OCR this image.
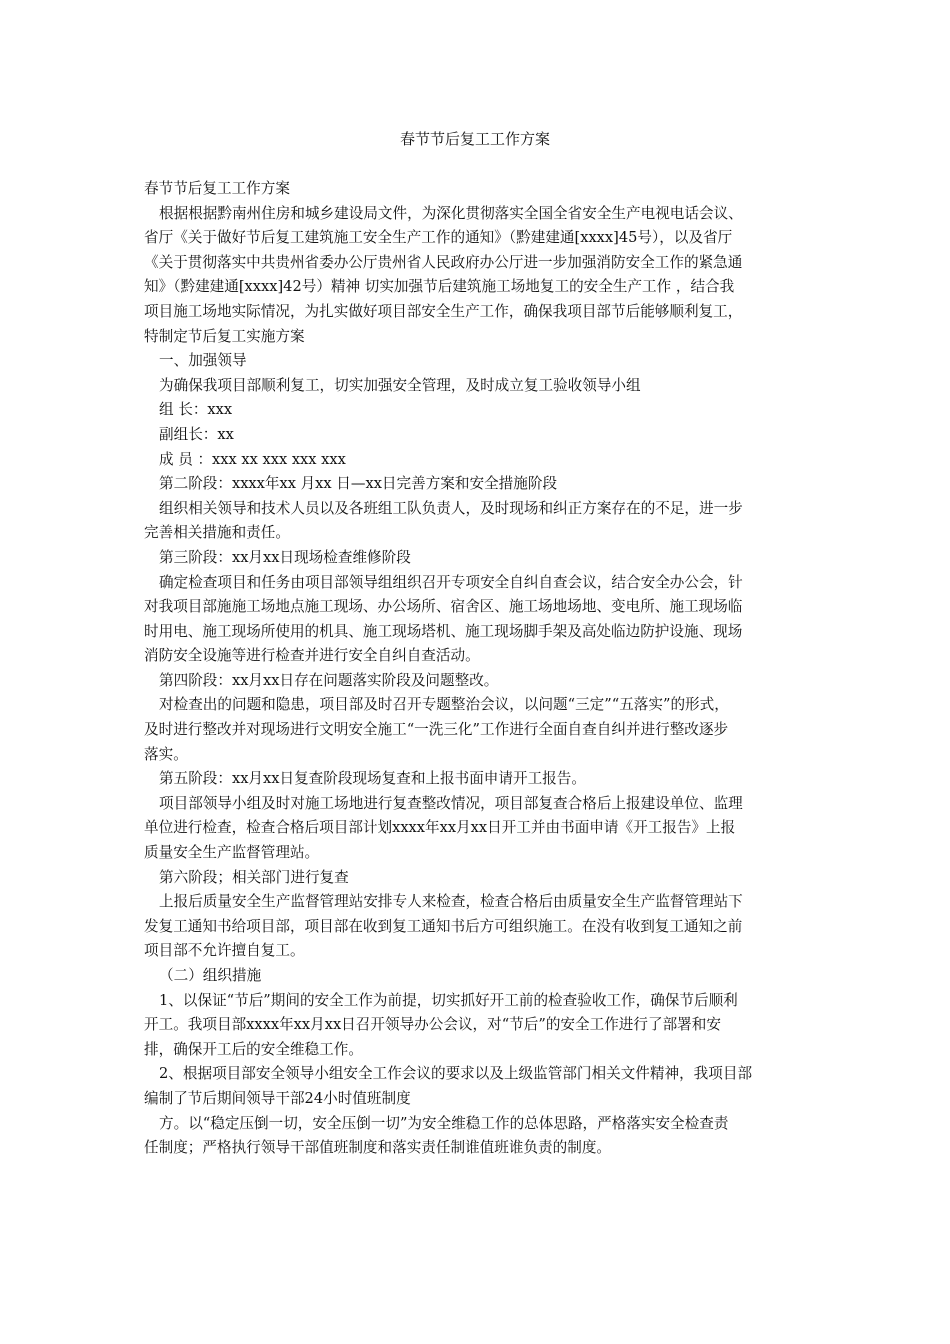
春节节后复工工作方案

春节节后复工工作方案

根据根据黔南州住房和城乡建设局文件，为深化贯彻落实全国全省安全生产电视电话会议、

省厅《关于做好节后复工建筑施工安全生产工作的通知》（黔建建通[xxxx]45号），以及省厅

《关于贯彻落实中共贵州省委办公厅贵州省人民政府办公厅进一步加强消防安全工作的紧急通

知》（黔建建通[xxxx]42号）精神 切实加强节后建筑施工场地复工的安全生产工作 ，结合我

项目施工场地实际情况，为扎实做好项目部安全生产工作，确保我项目部节后能够顺利复工，

特制定节后复工实施方案

一、加强领导

为确保我项目部顺利复工，切实加强安全管理，及时成立复工验收领导小组

组 长：xxx

副组长：xx

成 员 ：xxx xx xxx xxx xxx

第二阶段：xxxx年xx 月xx 日—xx日完善方案和安全措施阶段

组织相关领导和技术人员以及各班组工队负责人，及时现场和纠正方案存在的不足，进一步

完善相关措施和责任。

第三阶段：xx月xx日现场检查维修阶段

确定检查项目和任务由项目部领导组组织召开专项安全自纠自查会议，结合安全办公会，针

对我项目部施施工场地点施工现场、办公场所、宿舍区、施工场地场地、变电所、施工现场临

时用电、施工现场所使用的机具、施工现场塔机、施工现场脚手架及高处临边防护设施、现场

消防安全设施等进行检查并进行安全自纠自查活动。

第四阶段：xx月xx日存在问题落实阶段及问题整改。

对检查出的问题和隐患，项目部及时召开专题整治会议，以问题“三定”“五落实”的形式，

及时进行整改并对现场进行文明安全施工“一洗三化”工作进行全面自查自纠并进行整改逐步

落实。

第五阶段：xx月xx日复查阶段现场复查和上报书面申请开工报告。

项目部领导小组及时对施工场地进行复查整改情况，项目部复查合格后上报建设单位、监理

单位进行检查，检查合格后项目部计划xxxx年xx月xx日开工并由书面申请《开工报告》上报

质量安全生产监督管理站。

第六阶段；相关部门进行复查

上报后质量安全生产监督管理站安排专人来检查，检查合格后由质量安全生产监督管理站下

发复工通知书给项目部，项目部在收到复工通知书后方可组织施工。在没有收到复工通知之前

项目部不允许擅自复工。

（二）组织措施

1、以保证“节后”期间的安全工作为前提，切实抓好开工前的检查验收工作，确保节后顺利

开工。我项目部xxxx年xx月xx日召开领导办公会议，对“节后”的安全工作进行了部署和安

排，确保开工后的安全维稳工作。

2、根据项目部安全领导小组安全工作会议的要求以及上级监管部门相关文件精神，我项目部

编制了节后期间领导干部24小时值班制度

方。以“稳定压倒一切，安全压倒一切”为安全维稳工作的总体思路，严格落实安全检查责

任制度；严格执行领导干部值班制度和落实责任制谁值班谁负责的制度。
